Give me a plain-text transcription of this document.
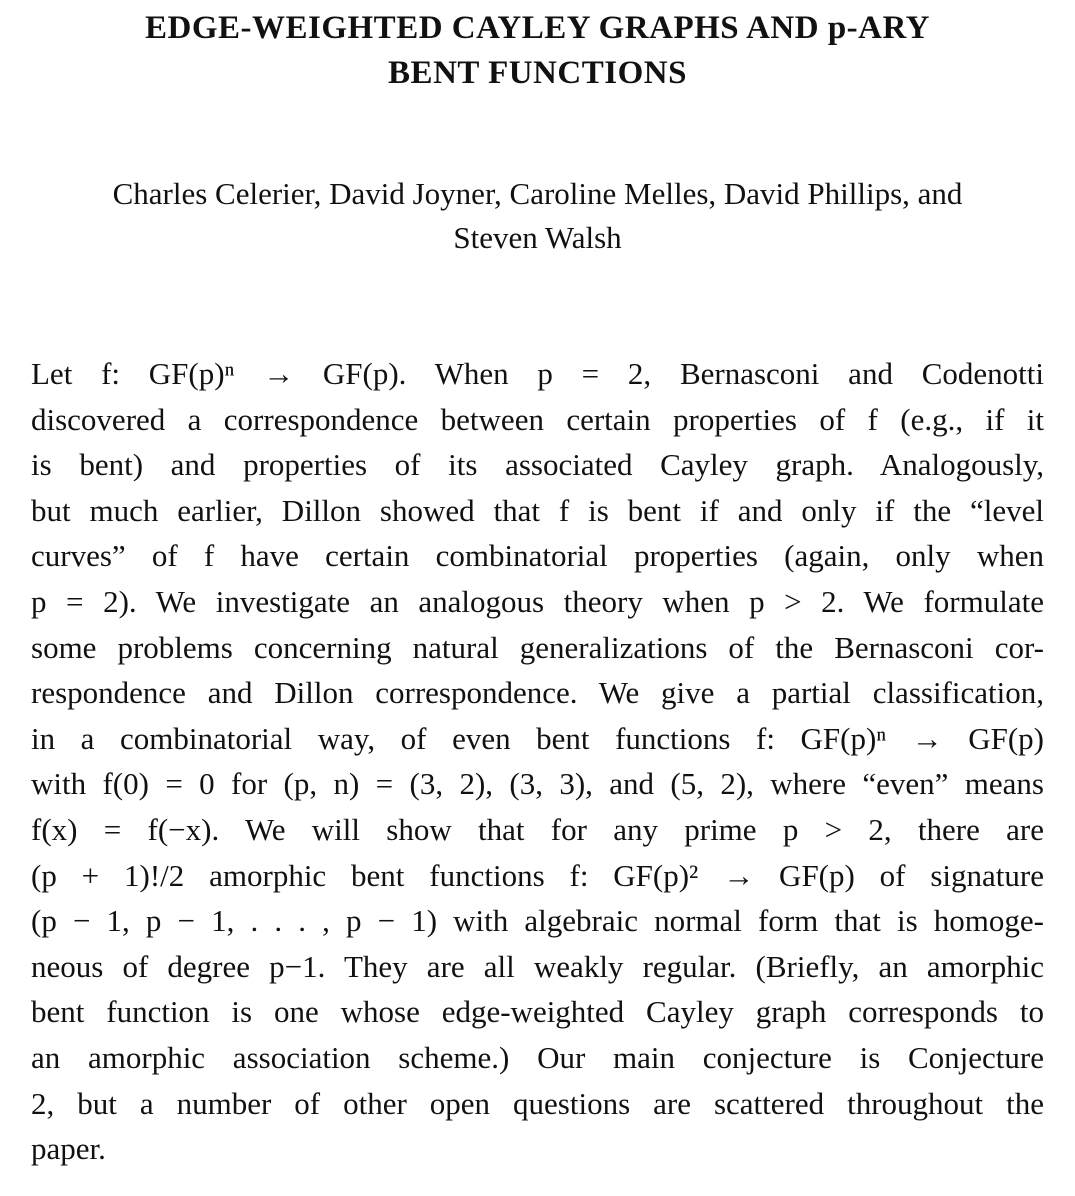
EDGE-WEIGHTED CAYLEY GRAPHS AND p-ARY
BENT FUNCTIONS
Charles Celerier, David Joyner, Caroline Melles, David Phillips, and
Steven Walsh
Let f: GF(p)ⁿ → GF(p). When p = 2, Bernasconi and Codenotti
discovered a correspondence between certain properties of f (e.g., if it
is bent) and properties of its associated Cayley graph. Analogously,
but much earlier, Dillon showed that f is bent if and only if the “level
curves” of f have certain combinatorial properties (again, only when
p = 2). We investigate an analogous theory when p > 2. We formulate
some problems concerning natural generalizations of the Bernasconi cor-
respondence and Dillon correspondence. We give a partial classification,
in a combinatorial way, of even bent functions f: GF(p)ⁿ → GF(p)
with f(0) = 0 for (p, n) = (3, 2), (3, 3), and (5, 2), where “even” means
f(x) = f(−x). We will show that for any prime p > 2, there are
(p + 1)!/2 amorphic bent functions f: GF(p)² → GF(p) of signature
(p − 1, p − 1, . . . , p − 1) with algebraic normal form that is homoge-
neous of degree p−1. They are all weakly regular. (Briefly, an amorphic
bent function is one whose edge-weighted Cayley graph corresponds to
an amorphic association scheme.) Our main conjecture is Conjecture
2, but a number of other open questions are scattered throughout the
paper.
